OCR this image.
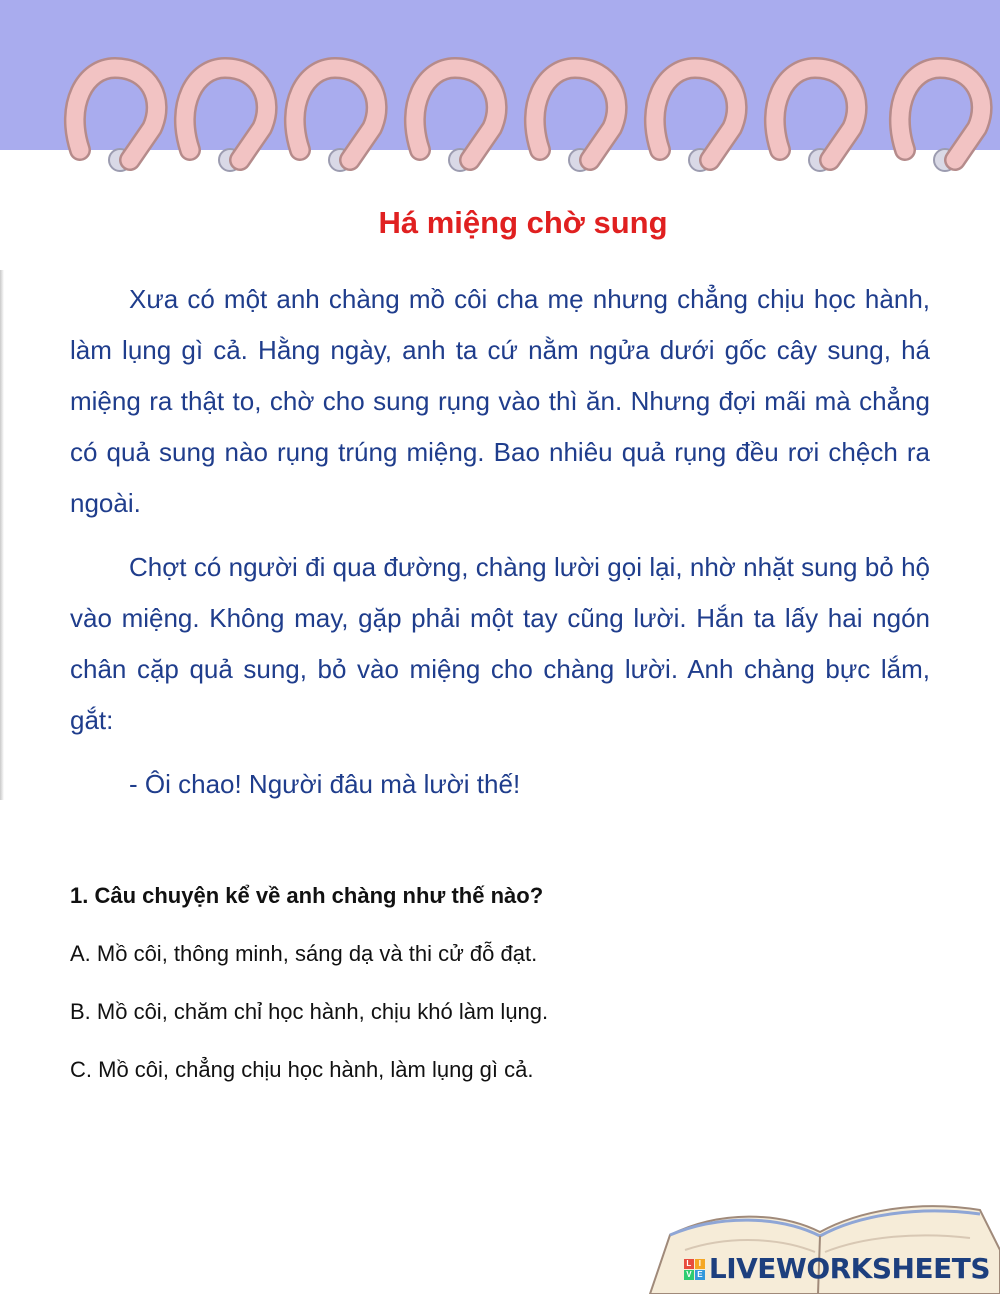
Há miệng chờ sung

Xưa có một anh chàng mồ côi cha mẹ nhưng chẳng chịu học hành, làm lụng gì cả. Hằng ngày, anh ta cứ nằm ngửa dưới gốc cây sung, há miệng ra thật to, chờ cho sung rụng vào thì ăn. Nhưng đợi mãi mà chẳng có quả sung nào rụng trúng miệng. Bao nhiêu quả rụng đều rơi chệch ra ngoài.

Chợt có người đi qua đường, chàng lười gọi lại, nhờ nhặt sung bỏ hộ vào miệng. Không may, gặp phải một tay cũng lười. Hắn ta lấy hai ngón chân cặp quả sung, bỏ vào miệng cho chàng lười. Anh chàng bực lắm, gắt:

- Ôi chao! Người đâu mà lười thế!

1. Câu chuyện kể về anh chàng như thế nào?
A. Mồ côi, thông minh, sáng dạ và thi cử đỗ đạt.
B. Mồ côi, chăm chỉ học hành, chịu khó làm lụng.
C. Mồ côi, chẳng chịu học hành, làm lụng gì cả.
L I
V E LIVEWORKSHEETS
